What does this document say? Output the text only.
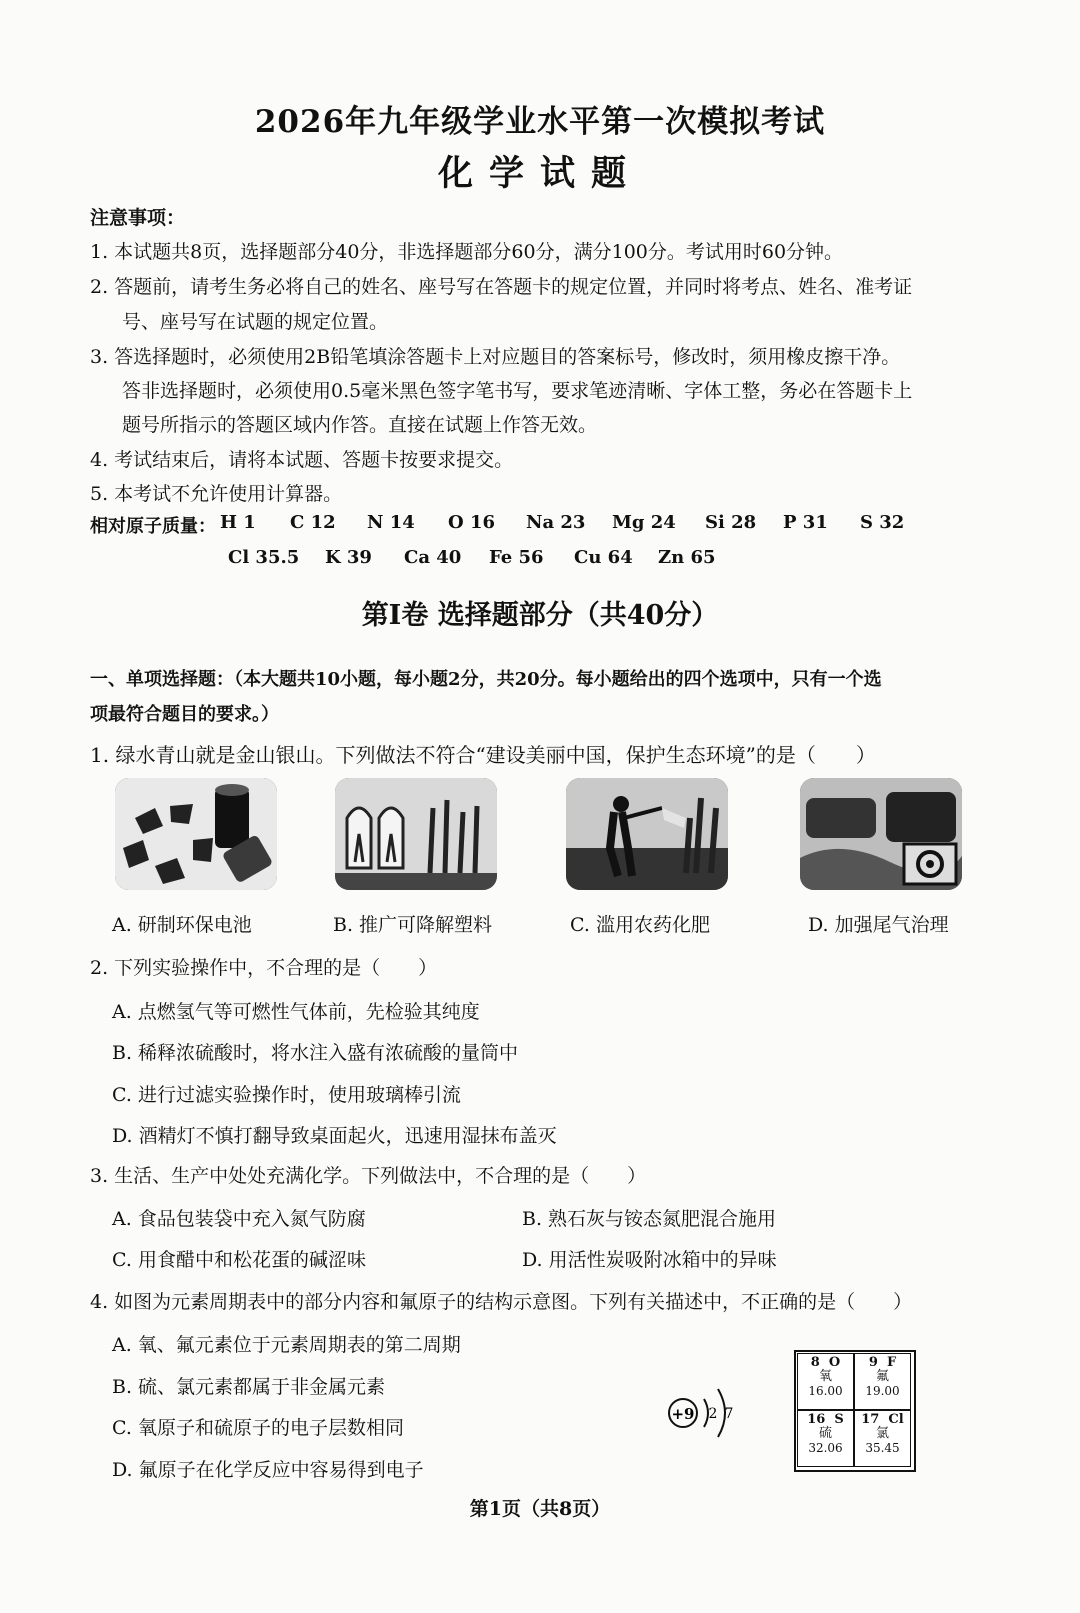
2026年九年级学业水平第一次模拟考试
化学试题
注意事项：
1. 本试题共8页，选择题部分40分，非选择题部分60分，满分100分。考试用时60分钟。
2. 答题前，请考生务必将自己的姓名、座号写在答题卡的规定位置，并同时将考点、姓名、准考证
号、座号写在试题的规定位置。
3. 答选择题时，必须使用2B铅笔填涂答题卡上对应题目的答案标号，修改时，须用橡皮擦干净。
答非选择题时，必须使用0.5毫米黑色签字笔书写，要求笔迹清晰、字体工整，务必在答题卡上
题号所指示的答题区域内作答。直接在试题上作答无效。
4. 考试结束后，请将本试题、答题卡按要求提交。
5. 本考试不允许使用计算器。
相对原子质量： H 1 C 12 N 14 O 16 Na 23 Mg 24 Si 28 P 31 S 32
Cl 35.5 K 39 Ca 40 Fe 56 Cu 64 Zn 65
第Ⅰ卷 选择题部分（共40分）
一、单项选择题：（本大题共10小题，每小题2分，共20分。每小题给出的四个选项中，只有一个选
项最符合题目的要求。）
1. 绿水青山就是金山银山。下列做法不符合“建设美丽中国，保护生态环境”的是（　　）
A. 研制环保电池	B. 推广可降解塑料	C. 滥用农药化肥	D. 加强尾气治理
2. 下列实验操作中，不合理的是（　　）
A. 点燃氢气等可燃性气体前，先检验其纯度
B. 稀释浓硫酸时，将水注入盛有浓硫酸的量筒中
C. 进行过滤实验操作时，使用玻璃棒引流
D. 酒精灯不慎打翻导致桌面起火，迅速用湿抹布盖灭
3. 生活、生产中处处充满化学。下列做法中，不合理的是（　　）
A. 食品包装袋中充入氮气防腐	B. 熟石灰与铵态氮肥混合施用
C. 用食醋中和松花蛋的碱涩味	D. 用活性炭吸附冰箱中的异味
4. 如图为元素周期表中的部分内容和氟原子的结构示意图。下列有关描述中，不正确的是（　　）
A. 氧、氟元素位于元素周期表的第二周期
B. 硫、氯元素都属于非金属元素
C. 氧原子和硫原子的电子层数相同
D. 氟原子在化学反应中容易得到电子
+9 2 7
8 O
氧
16.00
9 F
氟
19.00
16 S
硫
32.06
17 Cl
氯
35.45
第1页（共8页）
